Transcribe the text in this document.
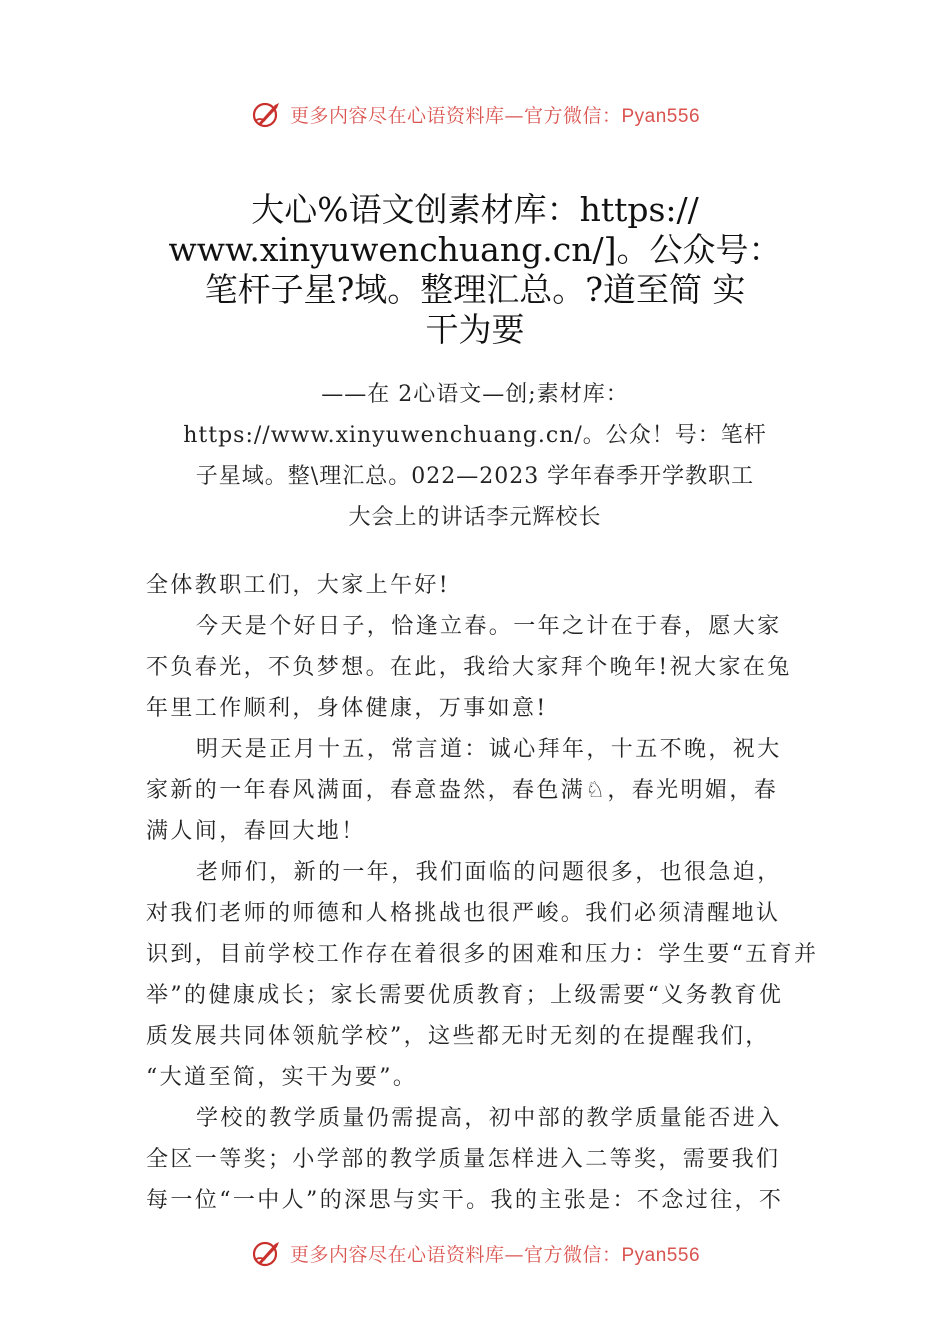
更多内容尽在心语资料库—官方微信：Pyan556
大心%语文创素材库：https://
www.xinyuwenchuang.cn/]。公众号：
笔杆子星?域。整理汇总。?道至简 实
干为要
——在 2心语文—创;素材库：
https://www.xinyuwenchuang.cn/。公众！号：笔杆
子星域。整\理汇总。022—2023 学年春季开学教职工
大会上的讲话李元辉校长
全体教职工们，大家上午好!
今天是个好日子，恰逢立春。一年之计在于春，愿大家
不负春光，不负梦想。在此，我给大家拜个晚年!祝大家在兔
年里工作顺利，身体健康，万事如意!
明天是正月十五，常言道：诚心拜年，十五不晚，祝大
家新的一年春风满面，春意盎然，春色满♘，春光明媚，春
满人间，春回大地！
老师们，新的一年，我们面临的问题很多，也很急迫，
对我们老师的师德和人格挑战也很严峻。我们必须清醒地认
识到，目前学校工作存在着很多的困难和压力：学生要“五育并
举”的健康成长；家长需要优质教育；上级需要“义务教育优
质发展共同体领航学校”，这些都无时无刻的在提醒我们，
“大道至简，实干为要”。
学校的教学质量仍需提高，初中部的教学质量能否进入
全区一等奖；小学部的教学质量怎样进入二等奖，需要我们
每一位“一中人”的深思与实干。我的主张是：不念过往，不
更多内容尽在心语资料库—官方微信：Pyan556
